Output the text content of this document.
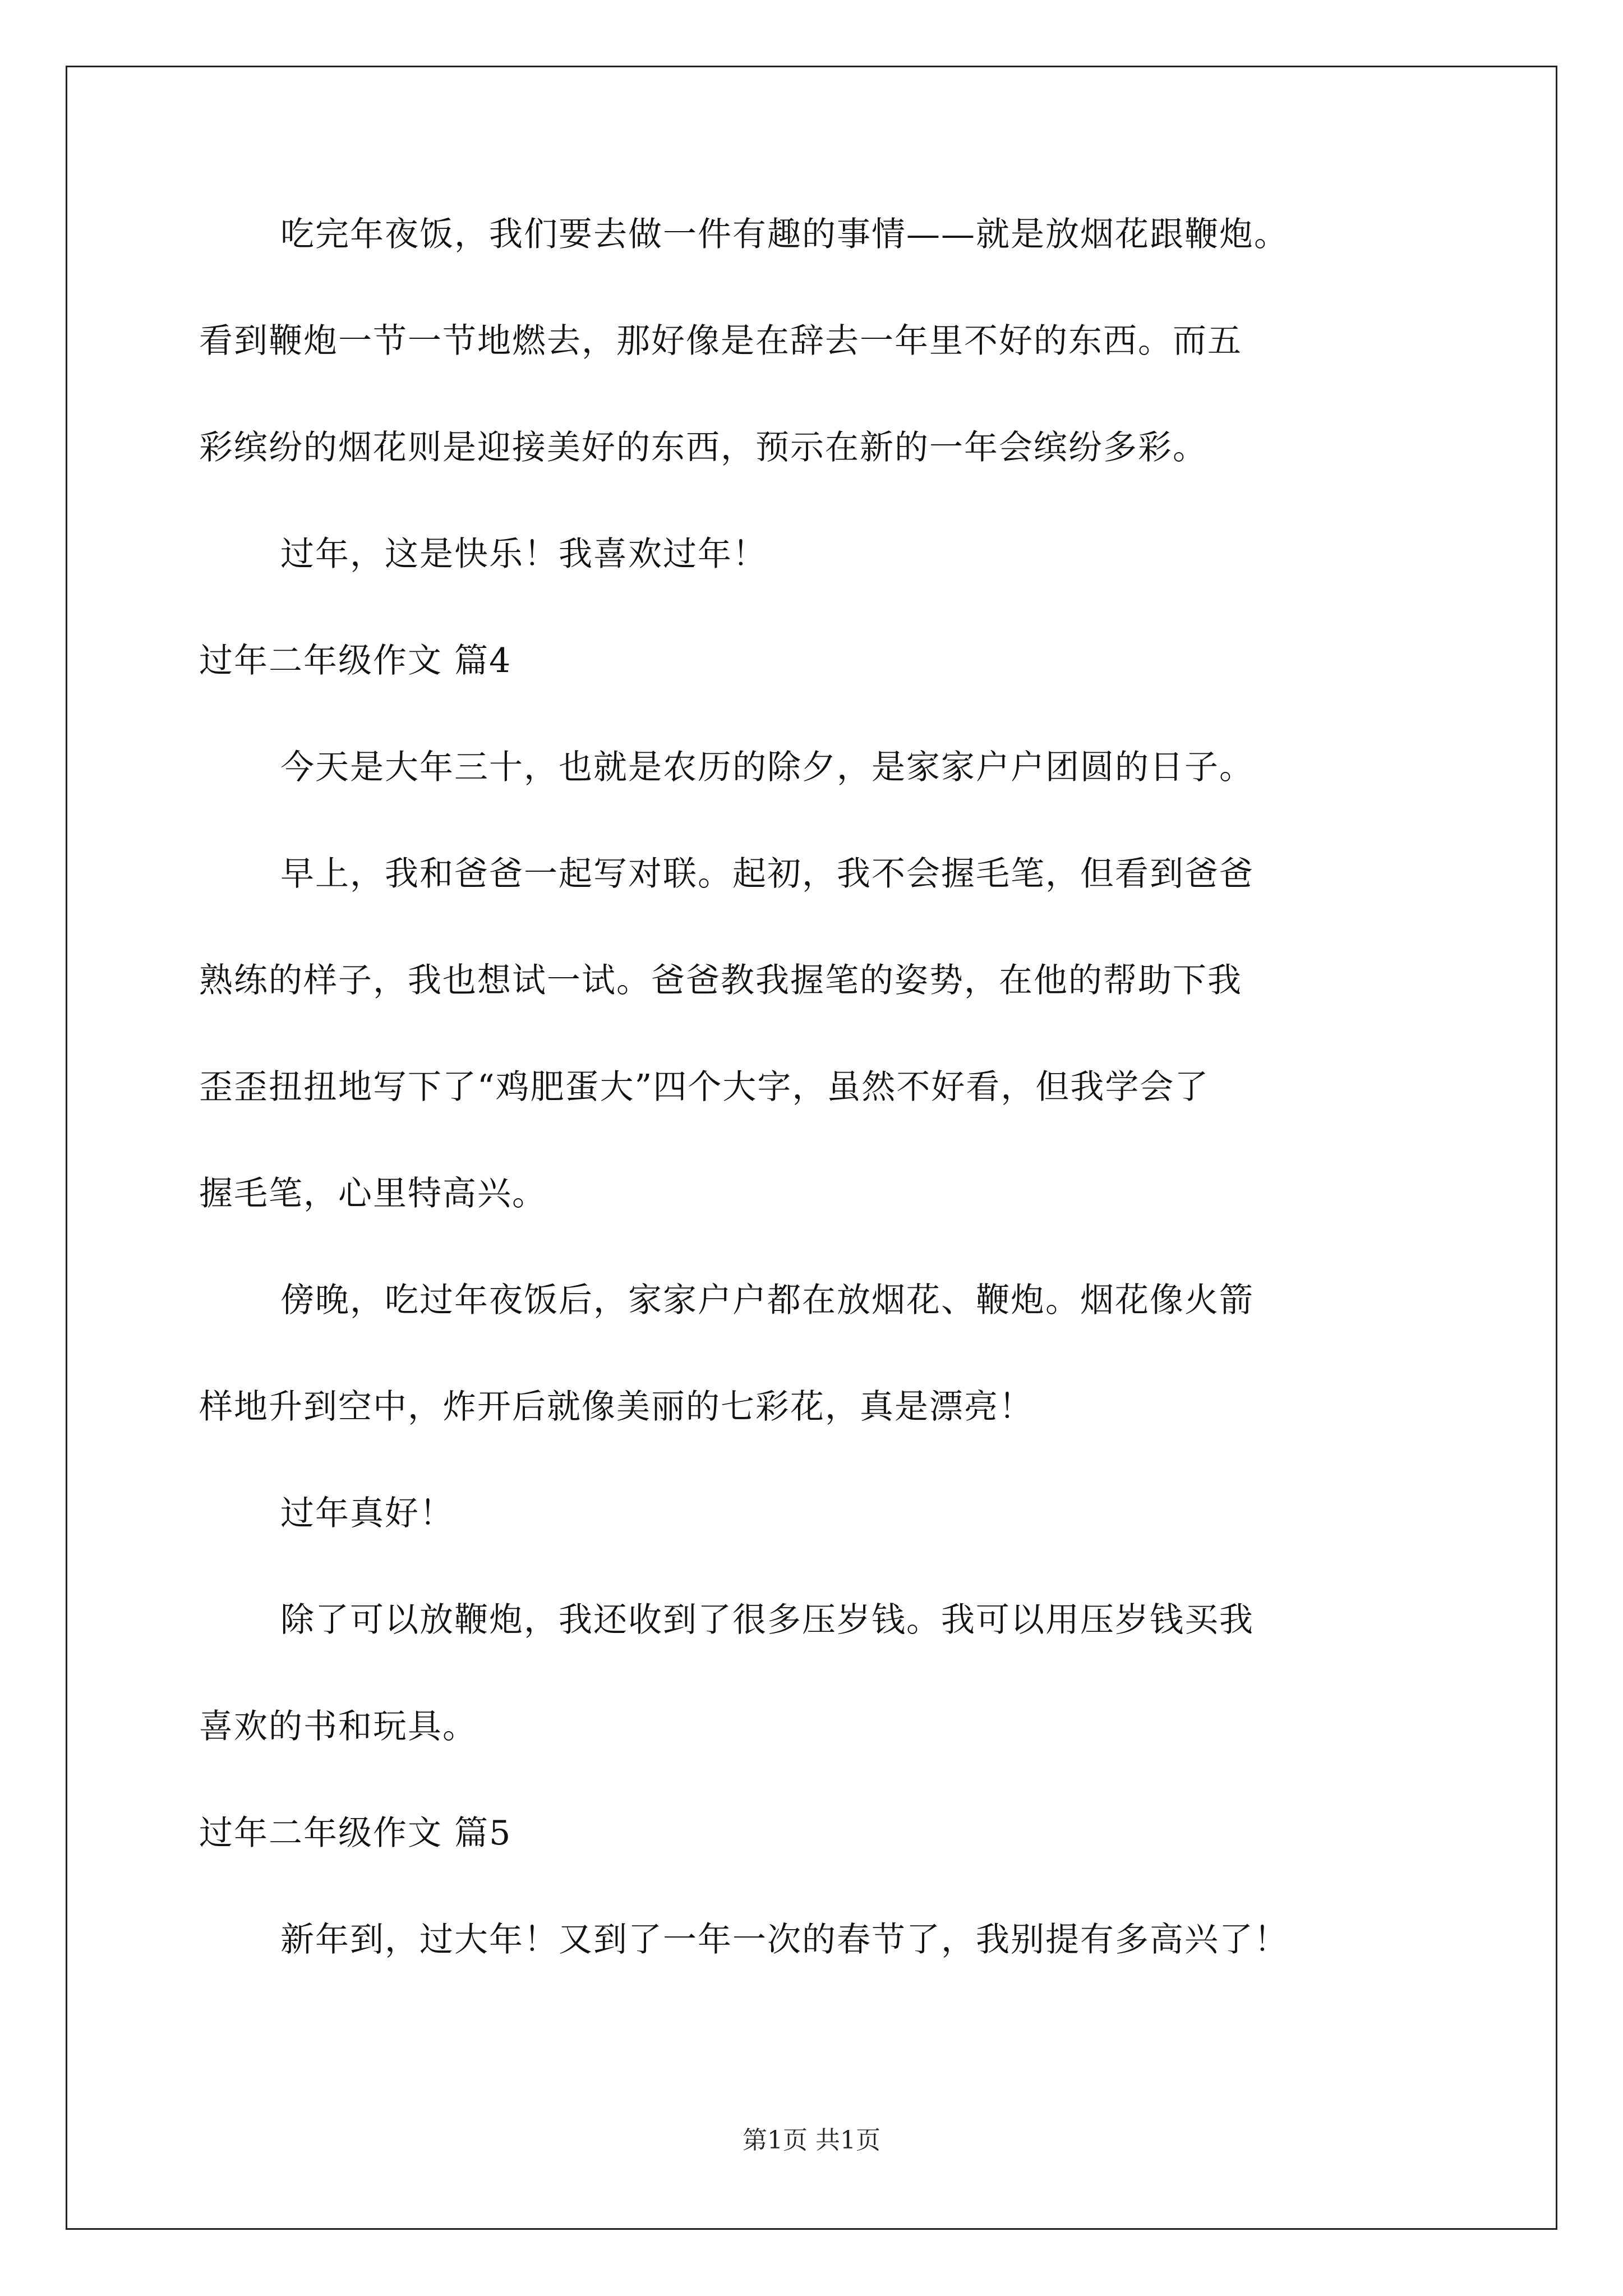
吃完年夜饭，我们要去做一件有趣的事情——就是放烟花跟鞭炮。
看到鞭炮一节一节地燃去，那好像是在辞去一年里不好的东西。而五
彩缤纷的烟花则是迎接美好的东西，预示在新的一年会缤纷多彩。
过年，这是快乐！我喜欢过年！
过年二年级作文 篇4
今天是大年三十，也就是农历的除夕，是家家户户团圆的日子。
早上，我和爸爸一起写对联。起初，我不会握毛笔，但看到爸爸
熟练的样子，我也想试一试。爸爸教我握笔的姿势，在他的帮助下我
歪歪扭扭地写下了“鸡肥蛋大”四个大字，虽然不好看，但我学会了
握毛笔，心里特高兴。
傍晚，吃过年夜饭后，家家户户都在放烟花、鞭炮。烟花像火箭
样地升到空中，炸开后就像美丽的七彩花，真是漂亮！
过年真好！
除了可以放鞭炮，我还收到了很多压岁钱。我可以用压岁钱买我
喜欢的书和玩具。
过年二年级作文 篇5
新年到，过大年！又到了一年一次的春节了，我别提有多高兴了！
第1页 共1页
